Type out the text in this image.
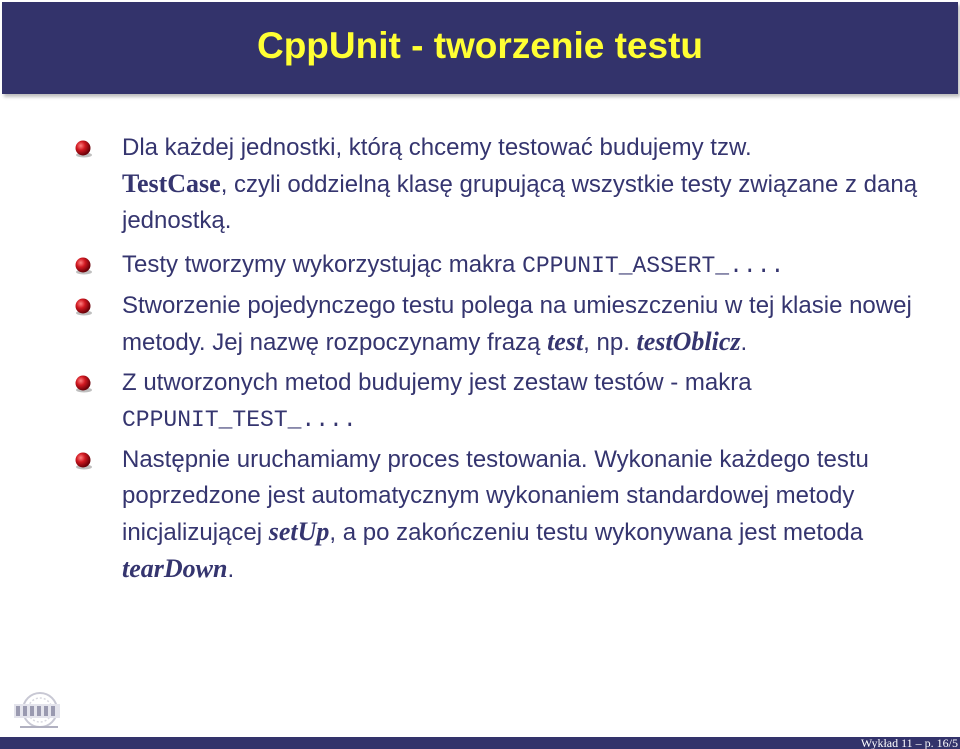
CppUnit - tworzenie testu
Dla każdej jednostki, którą chcemy testować budujemy tzw.
TestCase, czyli oddzielną klasę grupującą wszystkie testy związane z daną jednostką.
Testy tworzymy wykorzystując makra CPPUNIT_ASSERT_....
Stworzenie pojedynczego testu polega na umieszczeniu w tej klasie nowej metody. Jej nazwę rozpoczynamy frazą test, np. testOblicz.
Z utworzonych metod budujemy jest zestaw testów - makra
CPPUNIT_TEST_....
Następnie uruchamiamy proces testowania. Wykonanie każdego testu poprzedzone jest automatycznym wykonaniem standardowej metody inicjalizującej setUp, a po zakończeniu testu wykonywana jest metoda tearDown.
Wykład 11 – p. 16/5
